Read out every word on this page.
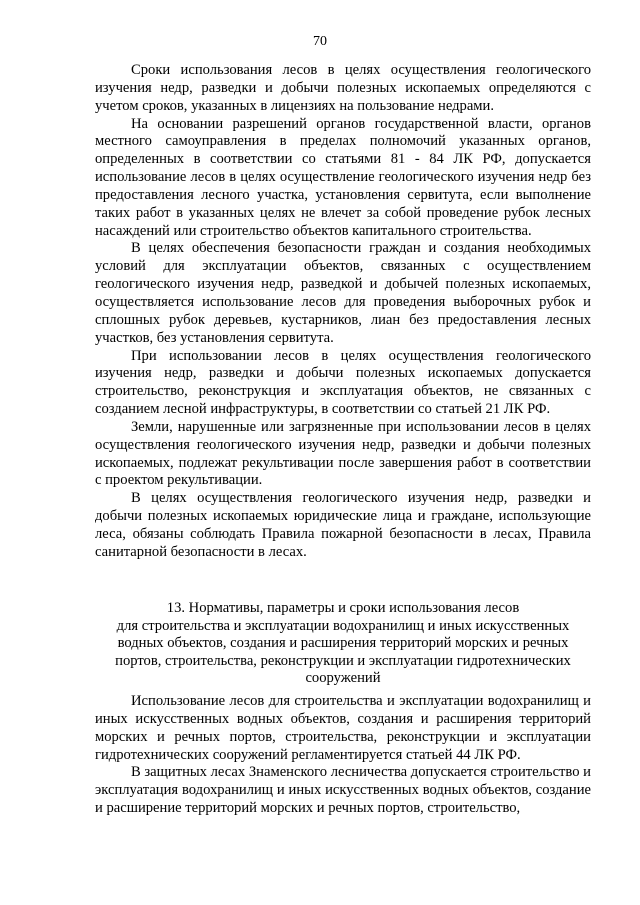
70

Сроки использования лесов в целях осуществления геологического изучения недр, разведки и добычи полезных ископаемых определяются с учетом сроков, указанных в лицензиях на пользование недрами.

На основании разрешений органов государственной власти, органов местного самоуправления в пределах полномочий указанных органов, определенных в соответствии со статьями 81 - 84 ЛК РФ, допускается использование лесов в целях осуществление геологического изучения недр без предоставления лесного участка, установления сервитута, если выполнение таких работ в указанных целях не влечет за собой проведение рубок лесных насаждений или строительство объектов капитального строительства.

В целях обеспечения безопасности граждан и создания необходимых условий для эксплуатации объектов, связанных с осуществлением геологического изучения недр, разведкой и добычей полезных ископаемых, осуществляется использование лесов для проведения выборочных рубок и сплошных рубок деревьев, кустарников, лиан без предоставления лесных участков, без установления сервитута.

При использовании лесов в целях осуществления геологического изучения недр, разведки и добычи полезных ископаемых допускается строительство, реконструкция и эксплуатация объектов, не связанных с созданием лесной инфраструктуры, в соответствии со статьей 21 ЛК РФ.

Земли, нарушенные или загрязненные при использовании лесов в целях осуществления геологического изучения недр, разведки и добычи полезных ископаемых, подлежат рекультивации после завершения работ в соответствии с проектом рекультивации.

В целях осуществления геологического изучения недр, разведки и добычи полезных ископаемых юридические лица и граждане, использующие леса, обязаны соблюдать Правила пожарной безопасности в лесах, Правила санитарной безопасности в лесах.

13. Нормативы, параметры и сроки использования лесов
для строительства и эксплуатации водохранилищ и иных искусственных
водных объектов, создания и расширения территорий морских и речных
портов, строительства, реконструкции и эксплуатации гидротехнических
сооружений

Использование лесов для строительства и эксплуатации водохранилищ и иных искусственных водных объектов, создания и расширения территорий морских и речных портов, строительства, реконструкции и эксплуатации гидротехнических сооружений регламентируется статьей 44 ЛК РФ.

В защитных лесах Знаменского лесничества допускается строительство и эксплуатация водохранилищ и иных искусственных водных объектов, создание и расширение территорий морских и речных портов, строительство,
